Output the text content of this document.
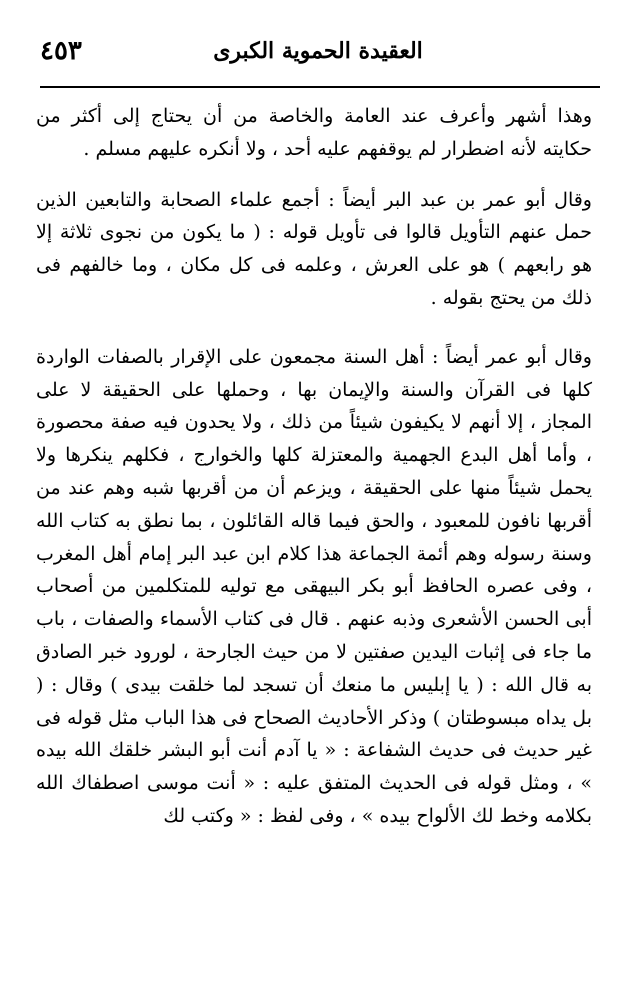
٤٥٣	العقيدة الحموية الكبرى

وهذا أشهر وأعرف عند العامة والخاصة من أن يحتاج إلى أكثر من حكايته لأنه اضطرار لم يوقفهم عليه أحد ، ولا أنكره عليهم مسلم .

وقال أبو عمر بن عبد البر أيضاً : أجمع علماء الصحابة والتابعين الذين حمل عنهم التأويل قالوا فى تأويل قوله : ( ما يكون من نجوى ثلاثة إلا هو رابعهم ) هو على العرش ، وعلمه فى كل مكان ، وما خالفهم فى ذلك من يحتج بقوله .

وقال أبو عمر أيضاً : أهل السنة مجمعون على الإقرار بالصفات الواردة كلها فى القرآن والسنة والإيمان بها ، وحملها على الحقيقة لا على المجاز ، إلا أنهم لا يكيفون شيئاً من ذلك ، ولا يحدون فيه صفة محصورة ، وأما أهل البدع الجهمية والمعتزلة كلها والخوارج ، فكلهم ينكرها ولا يحمل شيئاً منها على الحقيقة ، ويزعم أن من أقربها شبه وهم عند من أقربها نافون للمعبود ، والحق فيما قاله القائلون ، بما نطق به كتاب الله وسنة رسوله وهم أئمة الجماعة هذا كلام ابن عبد البر إمام أهل المغرب ، وفى عصره الحافظ أبو بكر البيهقى مع توليه للمتكلمين من أصحاب أبى الحسن الأشعرى وذبه عنهم . قال فى كتاب الأسماء والصفات ، باب ما جاء فى إثبات اليدين صفتين لا من حيث الجارحة ، لورود خبر الصادق به قال الله : ( يا إبليس ما منعك أن تسجد لما خلقت بيدى ) وقال : ( بل يداه مبسوطتان ) وذكر الأحاديث الصحاح فى هذا الباب مثل قوله فى غير حديث فى حديث الشفاعة : « يا آدم أنت أبو البشر خلقك الله بيده » ، ومثل قوله فى الحديث المتفق عليه : « أنت موسى اصطفاك الله بكلامه وخط لك الألواح بيده » ، وفى لفظ : « وكتب لك
